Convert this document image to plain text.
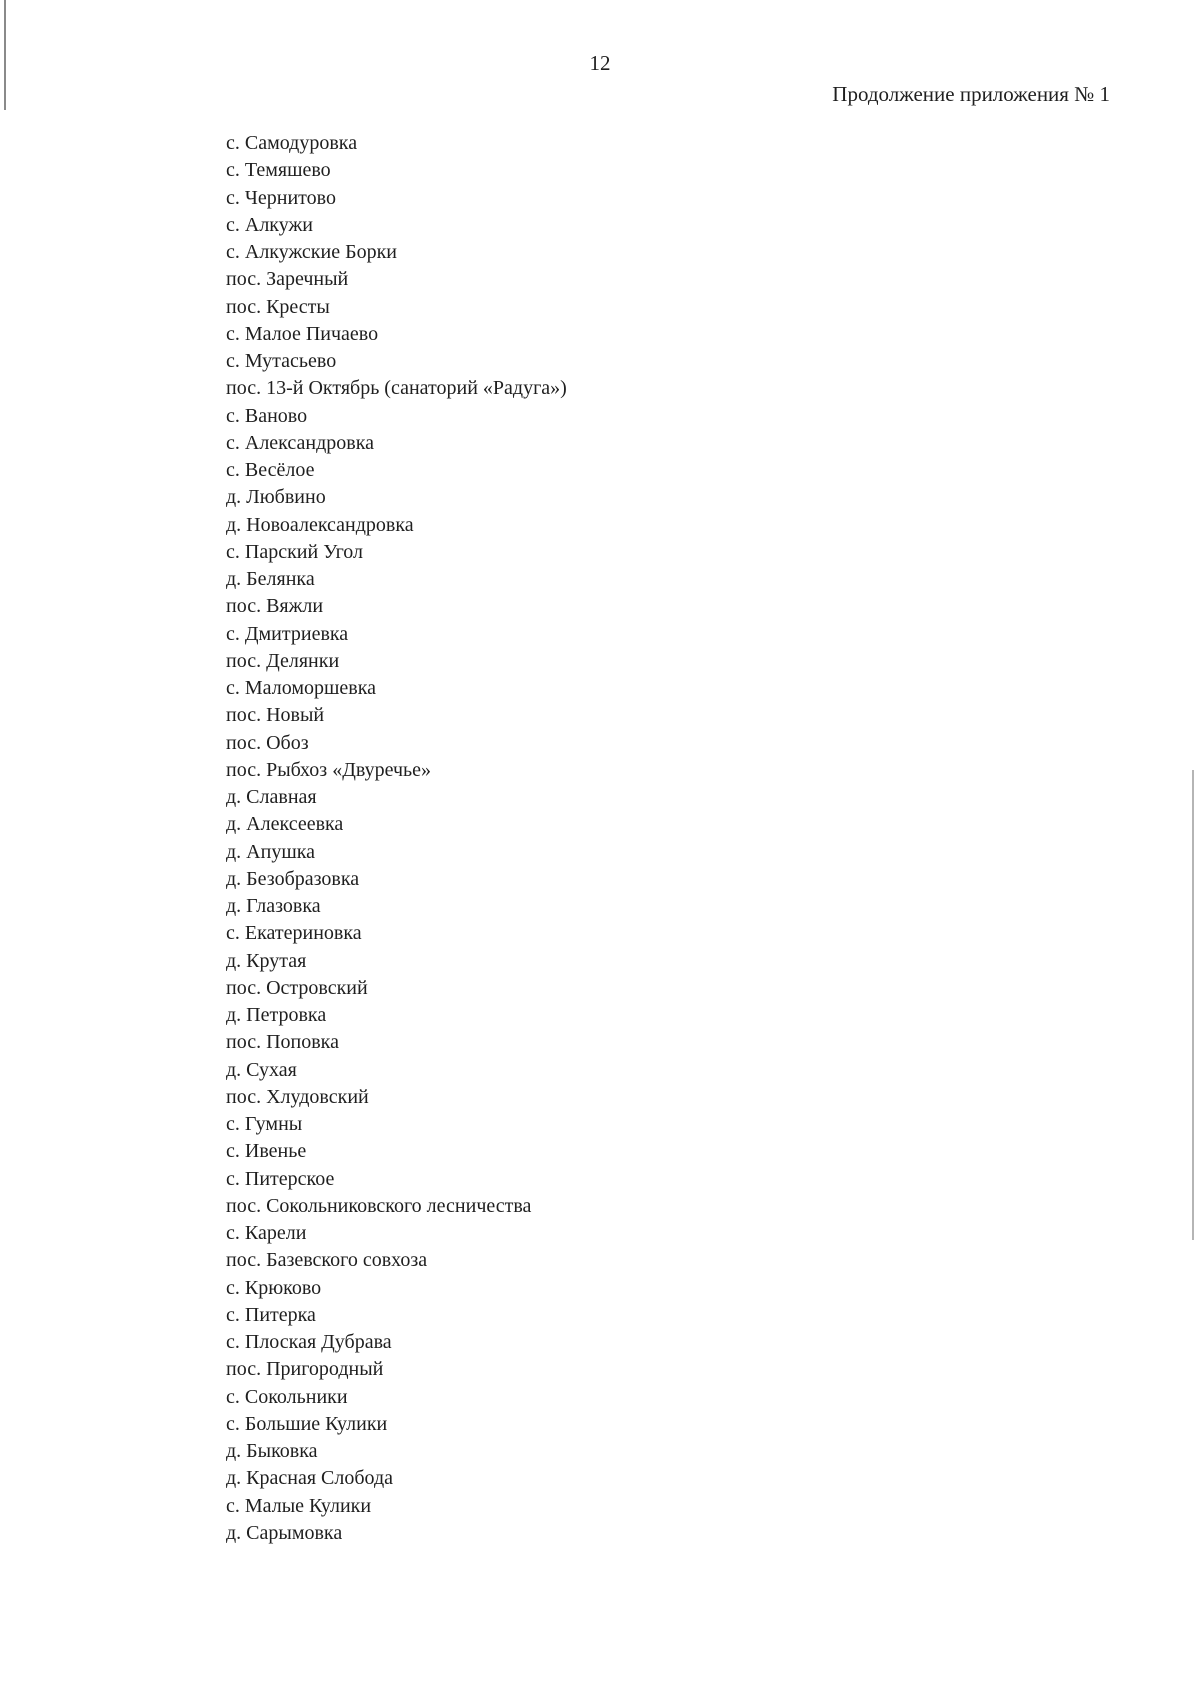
12
Продолжение приложения № 1
с. Самодуровка
с. Темяшево
с. Чернитово
с. Алкужи
с. Алкужские Борки
пос. Заречный
пос. Кресты
с. Малое Пичаево
с. Мутасьево
пос. 13-й Октябрь (санаторий «Радуга»)
с. Ваново
с. Александровка
с. Весёлое
д. Любвино
д. Новоалександровка
с. Парский Угол
д. Белянка
пос. Вяжли
с. Дмитриевка
пос. Делянки
с. Маломоршевка
пос. Новый
пос. Обоз
пос. Рыбхоз «Двуречье»
д. Славная
д. Алексеевка
д. Апушка
д. Безобразовка
д. Глазовка
с. Екатериновка
д. Крутая
пос. Островский
д. Петровка
пос. Поповка
д. Сухая
пос. Хлудовский
с. Гумны
с. Ивенье
с. Питерское
пос. Сокольниковского лесничества
с. Карели
пос. Базевского совхоза
с. Крюково
с. Питерка
с. Плоская Дубрава
пос. Пригородный
с. Сокольники
с. Большие Кулики
д. Быковка
д. Красная Слобода
с. Малые Кулики
д. Сарымовка
